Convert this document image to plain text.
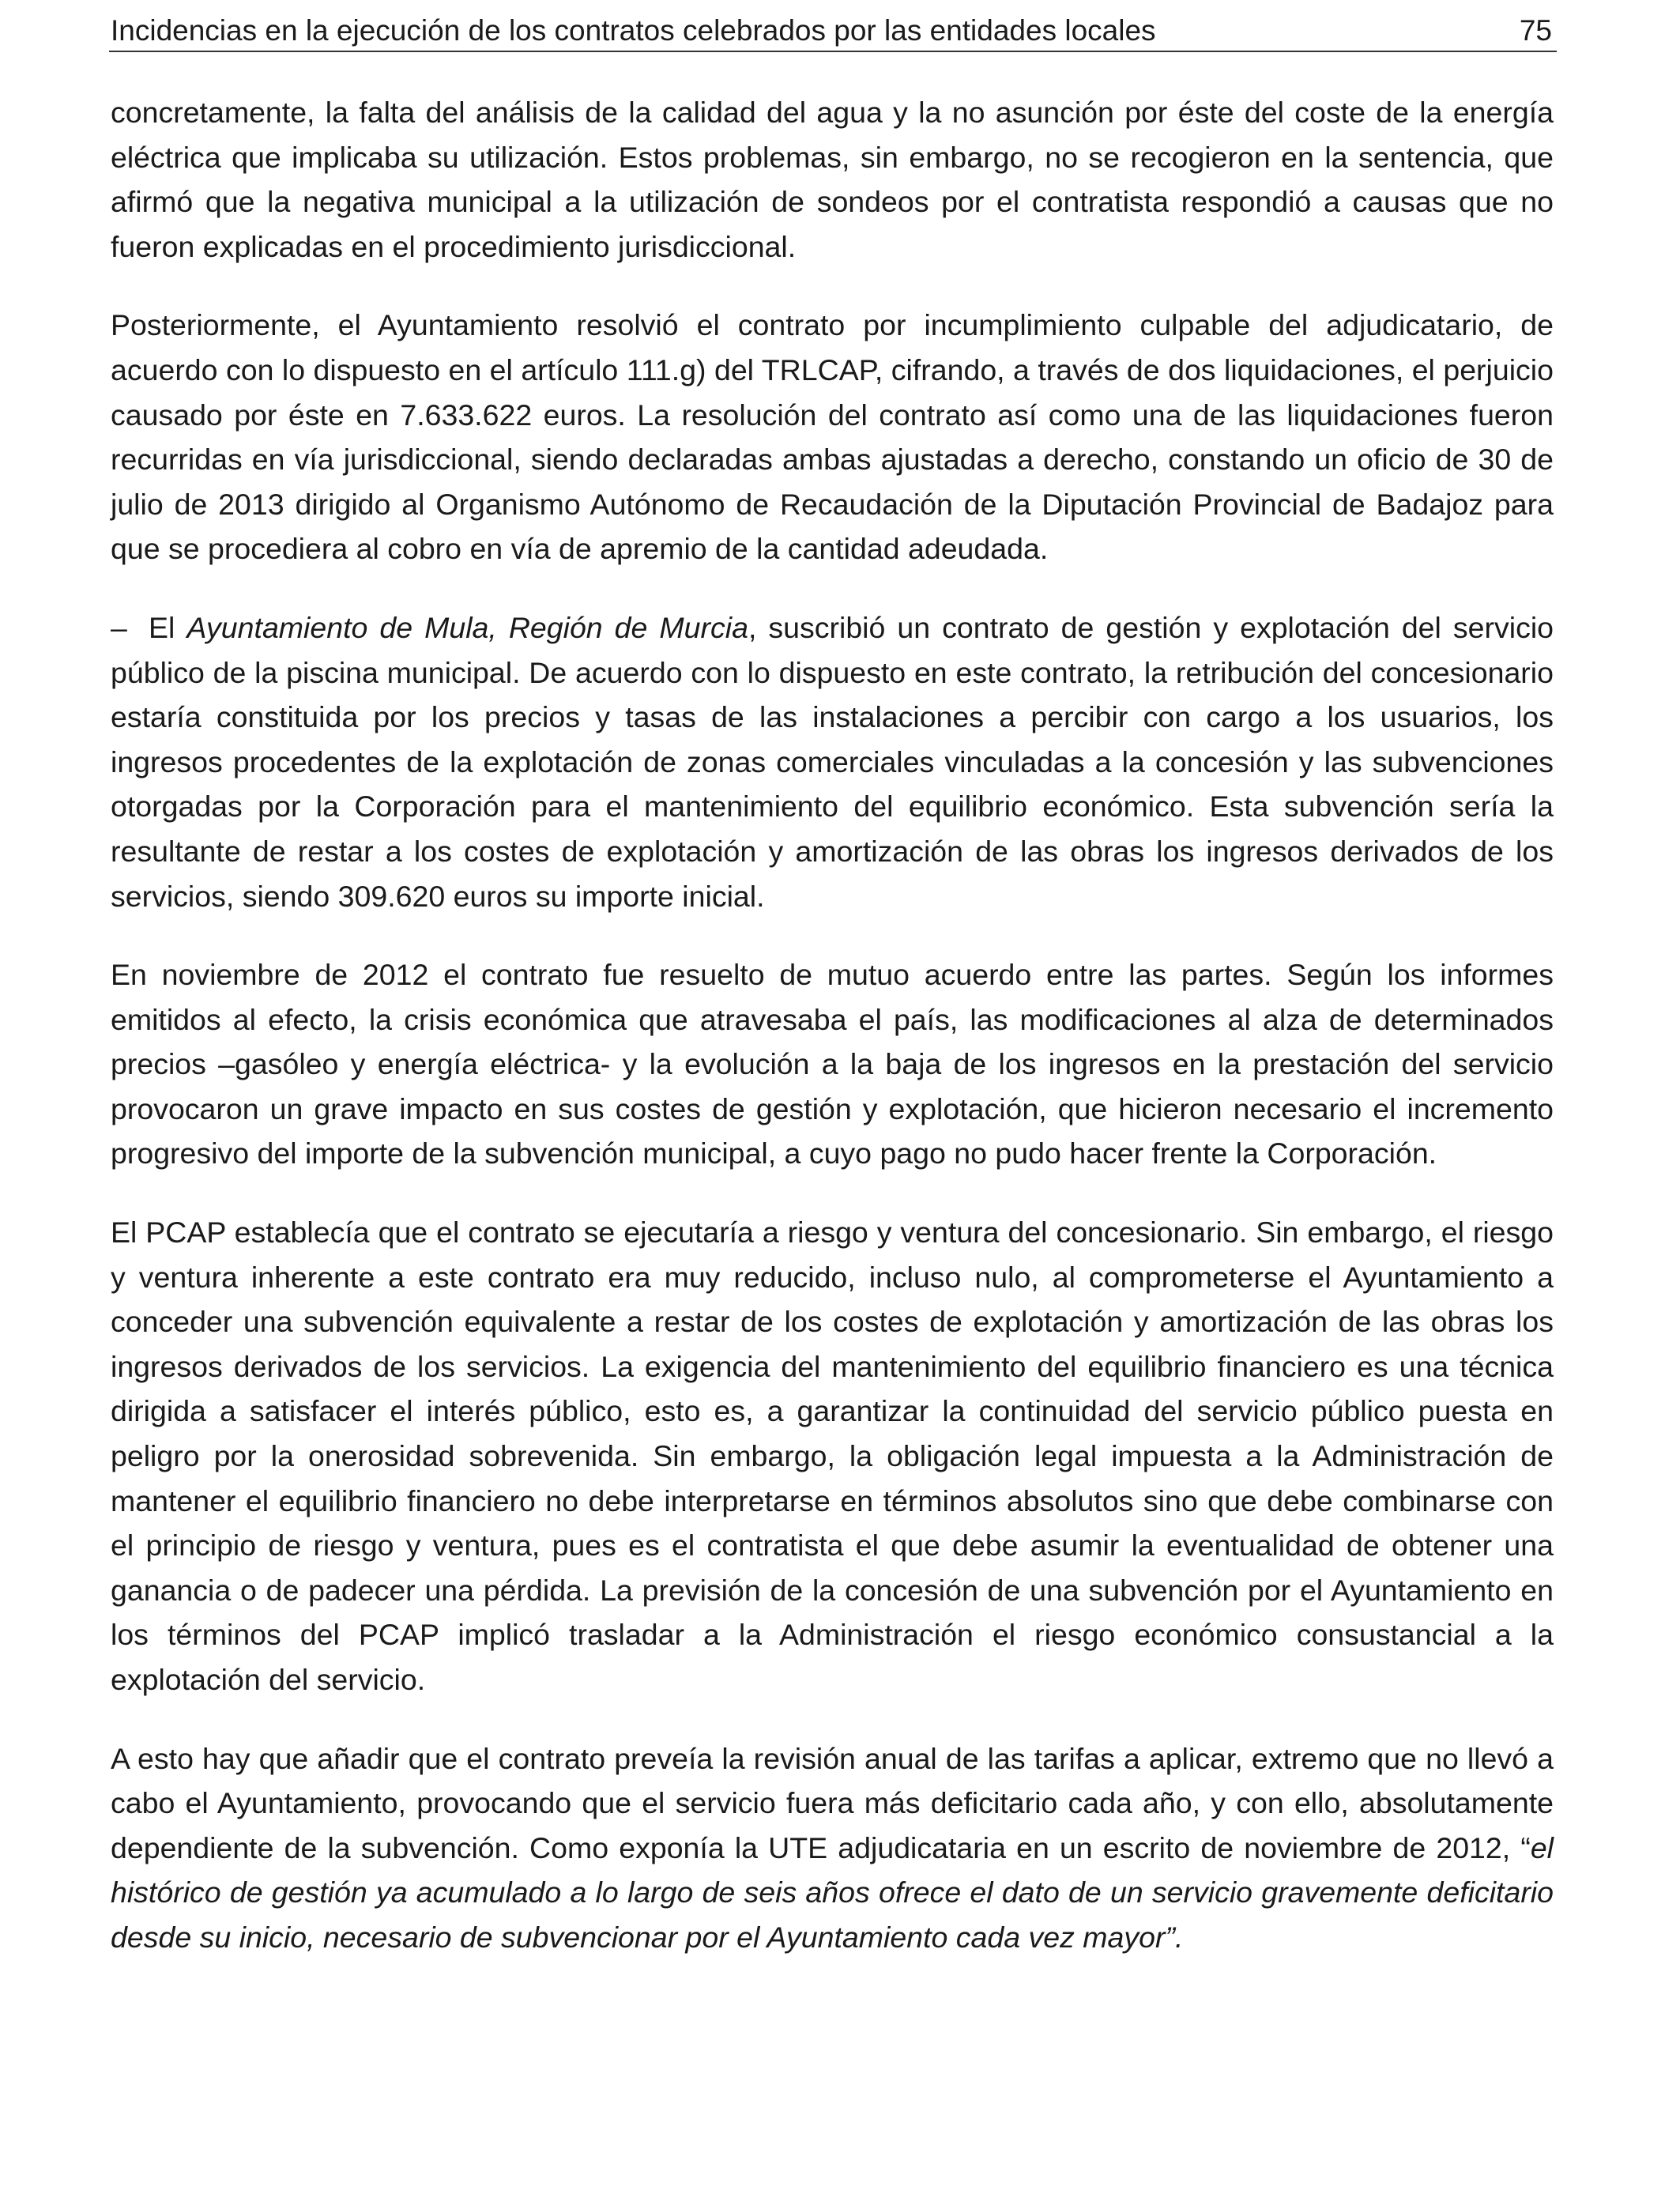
Incidencias en la ejecución de los contratos celebrados por las entidades locales	75

concretamente, la falta del análisis de la calidad del agua y la no asunción por éste del coste de la energía eléctrica que implicaba su utilización. Estos problemas, sin embargo, no se recogieron en la sentencia, que afirmó que la negativa municipal a la utilización de sondeos por el contratista respondió a causas que no fueron explicadas en el procedimiento jurisdiccional.

Posteriormente, el Ayuntamiento resolvió el contrato por incumplimiento culpable del adjudicatario, de acuerdo con lo dispuesto en el artículo 111.g) del TRLCAP, cifrando, a través de dos liquidaciones, el perjuicio causado por éste en 7.633.622 euros. La resolución del contrato así como una de las liquidaciones fueron recurridas en vía jurisdiccional, siendo declaradas ambas ajustadas a derecho, constando un oficio de 30 de julio de 2013 dirigido al Organismo Autónomo de Recaudación de la Diputación Provincial de Badajoz para que se procediera al cobro en vía de apremio de la cantidad adeudada.

– El Ayuntamiento de Mula, Región de Murcia, suscribió un contrato de gestión y explotación del servicio público de la piscina municipal. De acuerdo con lo dispuesto en este contrato, la retribución del concesionario estaría constituida por los precios y tasas de las instalaciones a percibir con cargo a los usuarios, los ingresos procedentes de la explotación de zonas comerciales vinculadas a la concesión y las subvenciones otorgadas por la Corporación para el mantenimiento del equilibrio económico. Esta subvención sería la resultante de restar a los costes de explotación y amortización de las obras los ingresos derivados de los servicios, siendo 309.620 euros su importe inicial.

En noviembre de 2012 el contrato fue resuelto de mutuo acuerdo entre las partes. Según los informes emitidos al efecto, la crisis económica que atravesaba el país, las modificaciones al alza de determinados precios –gasóleo y energía eléctrica- y la evolución a la baja de los ingresos en la prestación del servicio provocaron un grave impacto en sus costes de gestión y explotación, que hicieron necesario el incremento progresivo del importe de la subvención municipal, a cuyo pago no pudo hacer frente la Corporación.

El PCAP establecía que el contrato se ejecutaría a riesgo y ventura del concesionario. Sin embargo, el riesgo y ventura inherente a este contrato era muy reducido, incluso nulo, al comprometerse el Ayuntamiento a conceder una subvención equivalente a restar de los costes de explotación y amortización de las obras los ingresos derivados de los servicios. La exigencia del mantenimiento del equilibrio financiero es una técnica dirigida a satisfacer el interés público, esto es, a garantizar la continuidad del servicio público puesta en peligro por la onerosidad sobrevenida. Sin embargo, la obligación legal impuesta a la Administración de mantener el equilibrio financiero no debe interpretarse en términos absolutos sino que debe combinarse con el principio de riesgo y ventura, pues es el contratista el que debe asumir la eventualidad de obtener una ganancia o de padecer una pérdida. La previsión de la concesión de una subvención por el Ayuntamiento en los términos del PCAP implicó trasladar a la Administración el riesgo económico consustancial a la explotación del servicio.

A esto hay que añadir que el contrato preveía la revisión anual de las tarifas a aplicar, extremo que no llevó a cabo el Ayuntamiento, provocando que el servicio fuera más deficitario cada año, y con ello, absolutamente dependiente de la subvención. Como exponía la UTE adjudicataria en un escrito de noviembre de 2012, “el histórico de gestión ya acumulado a lo largo de seis años ofrece el dato de un servicio gravemente deficitario desde su inicio, necesario de subvencionar por el Ayuntamiento cada vez mayor”.
